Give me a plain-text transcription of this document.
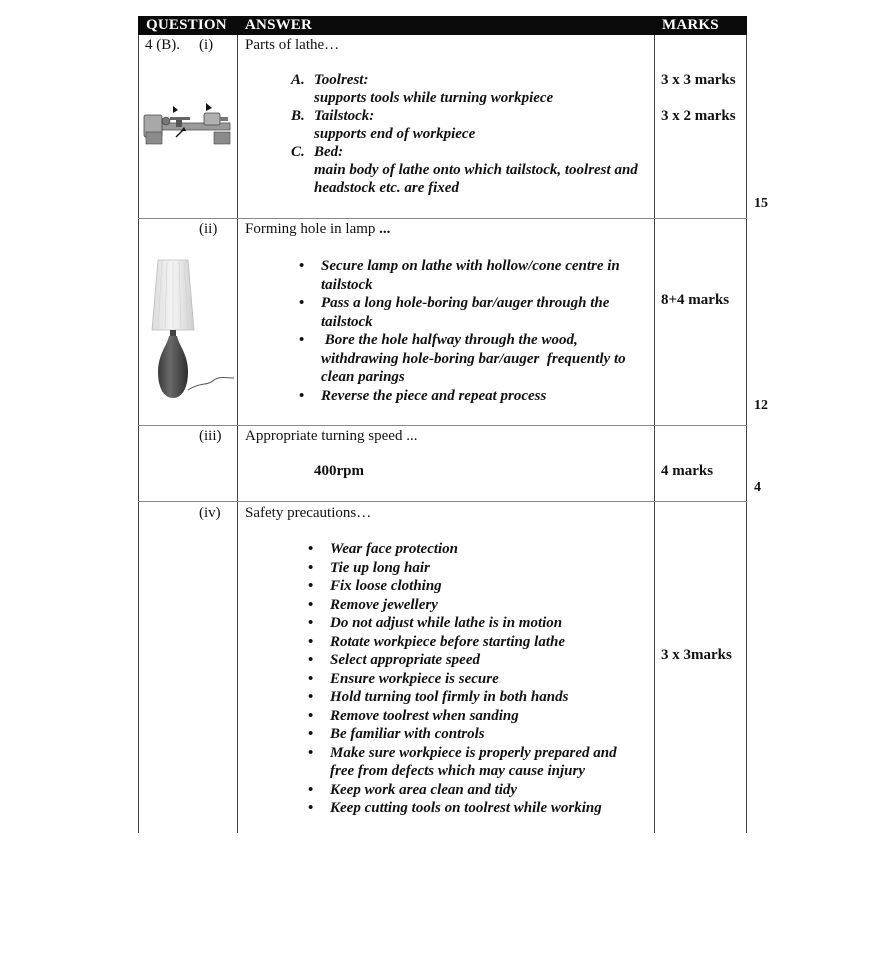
QUESTION ANSWER	MARKS
4 (B). (i) Parts of lathe…
A. Toolrest:
supports tools while turning workpiece
B. Tailstock:
supports end of workpiece
C. Bed:
main body of lathe onto which tailstock, toolrest and
headstock etc. are fixed
3 x 3 marks
3 x 2 marks
15
(ii) Forming hole in lamp ...
• Secure lamp on lathe with hollow/cone centre in
tailstock
• Pass a long hole-boring bar/auger through the
tailstock
• Bore the hole halfway through the wood,
withdrawing hole-boring bar/auger  frequently to
clean parings
• Reverse the piece and repeat process
8+4 marks
12
(iii) Appropriate turning speed ...
400rpm	4 marks
4
(iv) Safety precautions…
• Wear face protection
• Tie up long hair
• Fix loose clothing
• Remove jewellery
• Do not adjust while lathe is in motion
• Rotate workpiece before starting lathe
• Select appropriate speed
• Ensure workpiece is secure
• Hold turning tool firmly in both hands
• Remove toolrest when sanding
• Be familiar with controls
• Make sure workpiece is properly prepared and
free from defects which may cause injury
• Keep work area clean and tidy
• Keep cutting tools on toolrest while working
3 x 3marks
